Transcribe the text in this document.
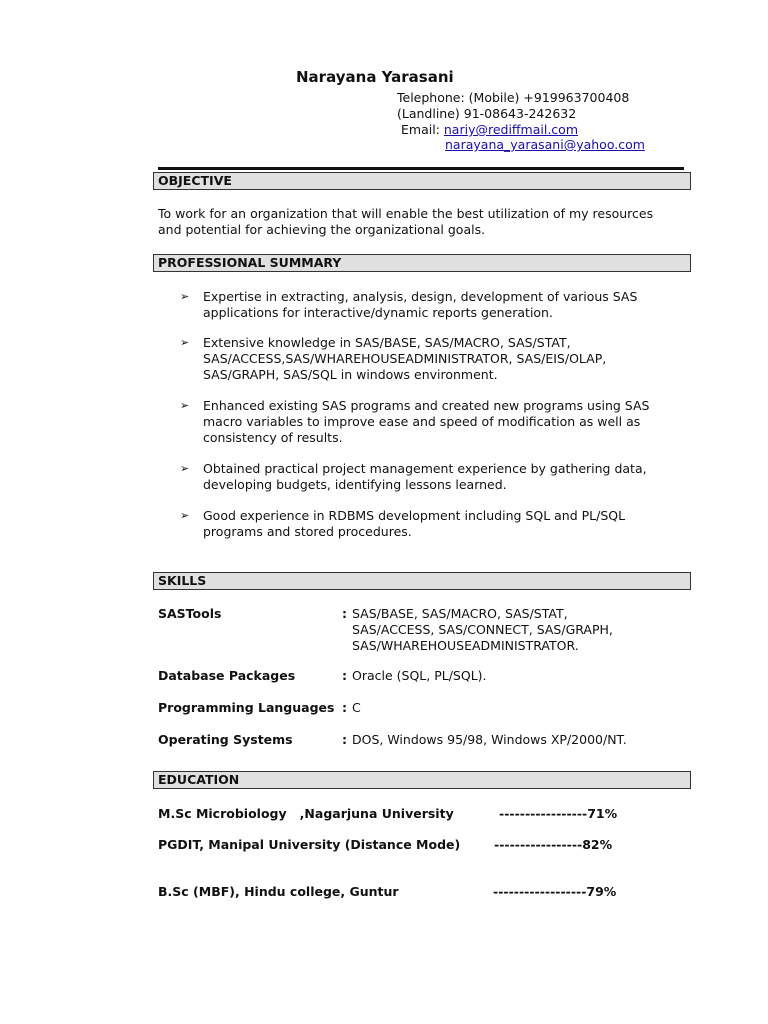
Narayana Yarasani
Telephone: (Mobile) +919963700408
(Landline) 91-08643-242632
Email: nariy@rediffmail.com
narayana_yarasani@yahoo.com
OBJECTIVE
To work for an organization that will enable the best utilization of my resources
and potential for achieving the organizational goals.
PROFESSIONAL SUMMARY
➢ Expertise in extracting, analysis, design, development of various SAS
applications for interactive/dynamic reports generation.
➢ Extensive knowledge in SAS/BASE, SAS/MACRO, SAS/STAT,
SAS/ACCESS,SAS/WHAREHOUSEADMINISTRATOR, SAS/EIS/OLAP,
SAS/GRAPH, SAS/SQL in windows environment.
➢ Enhanced existing SAS programs and created new programs using SAS
macro variables to improve ease and speed of modification as well as
consistency of results.
➢ Obtained practical project management experience by gathering data,
developing budgets, identifying lessons learned.
➢ Good experience in RDBMS development including SQL and PL/SQL
programs and stored procedures.
SKILLS
SASTools	: SAS/BASE, SAS/MACRO, SAS/STAT,
SAS/ACCESS, SAS/CONNECT, SAS/GRAPH,
SAS/WHAREHOUSEADMINISTRATOR.
Database Packages	: Oracle (SQL, PL/SQL).
Programming Languages : C
Operating Systems	: DOS, Windows 95/98, Windows XP/2000/NT.
EDUCATION
M.Sc Microbiology   ,Nagarjuna University	-----------------71%
PGDIT, Manipal University (Distance Mode)	-----------------82%
B.Sc (MBF), Hindu college, Guntur	------------------79%
